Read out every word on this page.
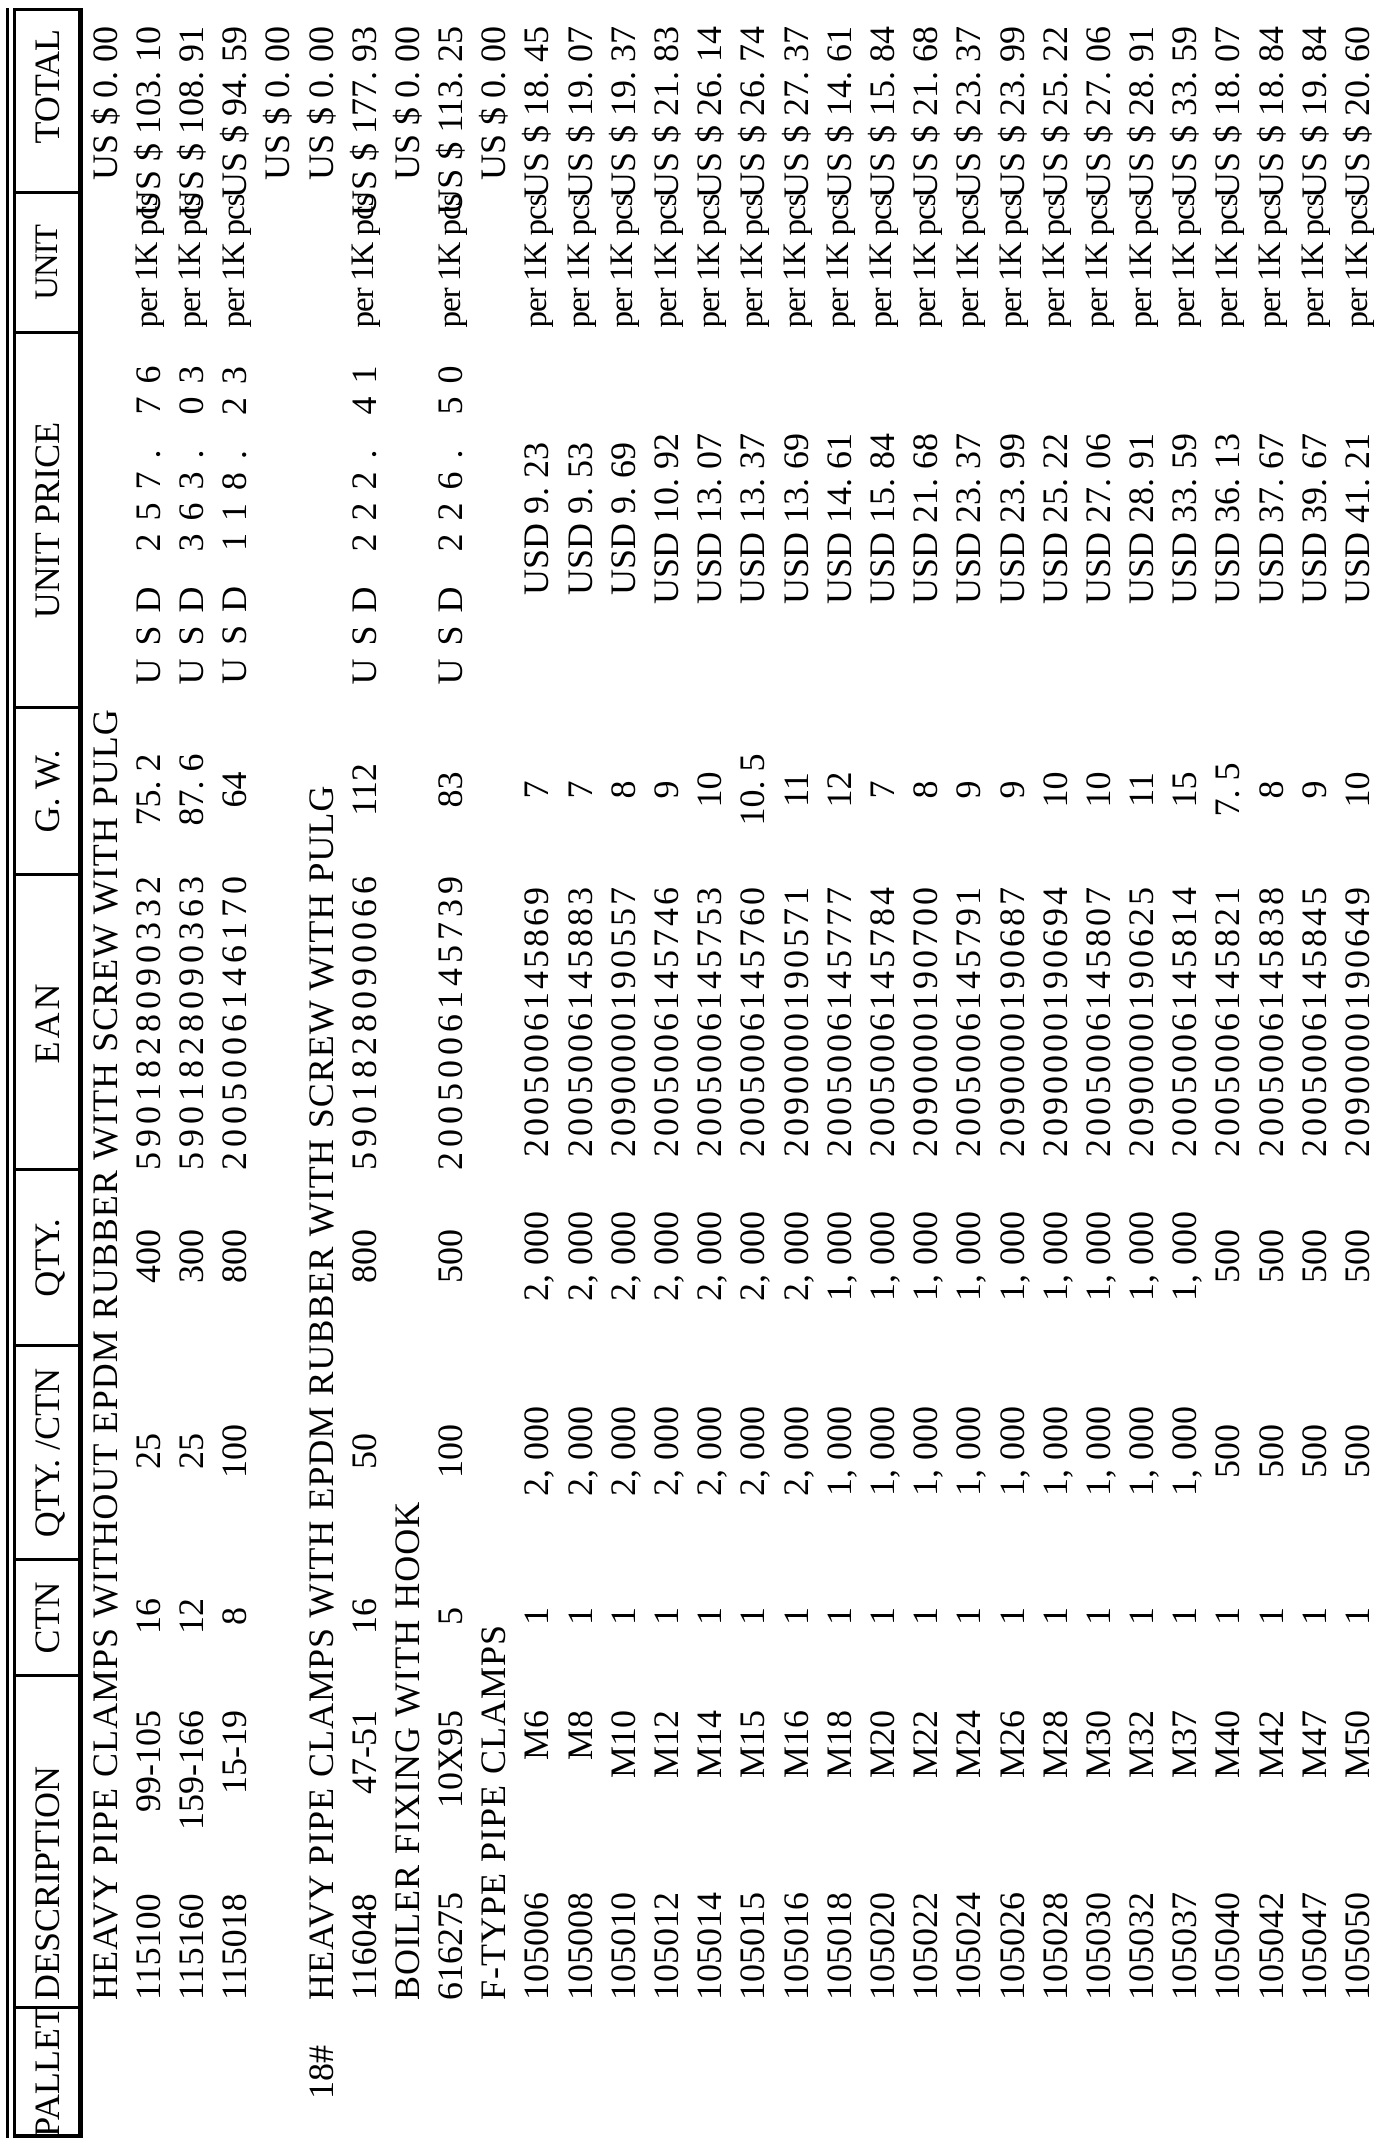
PALLET
DESCRIPTION
CTN
QTY. /CTN
QTY.
EAN
G. W.
UNIT PRICE
UNIT
TOTAL
HEAVY PIPE CLAMPS WITHOUT EPDM RUBBER WITH SCREW WITH PULG
US $ 0. 00
115100
99-105
16
25
400
5901828090332
75. 2
USD 257. 76
per 1K pcs
US $ 103. 10
115160
159-166
12
25
300
5901828090363
87. 6
USD 363. 03
per 1K pcs
US $ 108. 91
115018
15-19
8
100
800
2005006146170
64
USD 118. 23
per 1K pcs
US $ 94. 59 US $ 0. 00
18#
HEAVY PIPE CLAMPS WITH EPDM RUBBER WITH SCREW WITH PULG
US $ 0. 00
116048
47-51
16
50
800
5901828090066
112
USD 222. 41
per 1K pcs
US $ 177. 93
BOILER FIXING WITH HOOK
US $ 0. 00
616275
10X95
5
100
500
2005006145739
83
USD 226. 50
per 1K pcs
US $ 113. 25
F-TYPE PIPE CLAMPS
US $ 0. 00
105006
M6
1
2, 000
2, 000
2005006145869
7
USD 9. 23
per 1K pcs
US $ 18. 45
105008
M8
1
2, 000
2, 000
2005006145883
7
USD 9. 53
per 1K pcs
US $ 19. 07
105010
M10
1
2, 000
2, 000
2090000190557
8
USD 9. 69
per 1K pcs
US $ 19. 37
105012
M12
1
2, 000
2, 000
2005006145746
9
USD 10. 92
per 1K pcs
US $ 21. 83
105014
M14
1
2, 000
2, 000
2005006145753
10
USD 13. 07
per 1K pcs
US $ 26. 14
105015
M15
1
2, 000
2, 000
2005006145760
10. 5
USD 13. 37
per 1K pcs
US $ 26. 74
105016
M16
1
2, 000
2, 000
2090000190571
11
USD 13. 69
per 1K pcs
US $ 27. 37
105018
M18
1
1, 000
1, 000
2005006145777
12
USD 14. 61
per 1K pcs
US $ 14. 61
105020
M20
1
1, 000
1, 000
2005006145784
7
USD 15. 84
per 1K pcs
US $ 15. 84
105022
M22
1
1, 000
1, 000
2090000190700
8
USD 21. 68
per 1K pcs
US $ 21. 68
105024
M24
1
1, 000
1, 000
2005006145791
9
USD 23. 37
per 1K pcs
US $ 23. 37
105026
M26
1
1, 000
1, 000
2090000190687
9
USD 23. 99
per 1K pcs
US $ 23. 99
105028
M28
1
1, 000
1, 000
2090000190694
10
USD 25. 22
per 1K pcs
US $ 25. 22
105030
M30
1
1, 000
1, 000
2005006145807
10
USD 27. 06
per 1K pcs
US $ 27. 06
105032
M32
1
1, 000
1, 000
2090000190625
11
USD 28. 91
per 1K pcs
US $ 28. 91
105037
M37
1
1, 000
1, 000
2005006145814
15
USD 33. 59
per 1K pcs
US $ 33. 59
105040
M40
1
500
500
2005006145821
7. 5
USD 36. 13
per 1K pcs
US $ 18. 07
105042
M42
1
500
500
2005006145838
8
USD 37. 67
per 1K pcs
US $ 18. 84
105047
M47
1
500
500
2005006145845
9
USD 39. 67
per 1K pcs
US $ 19. 84
105050
M50
1
500
500
2090000190649
10
USD 41. 21
per 1K pcs
US $ 20. 60
